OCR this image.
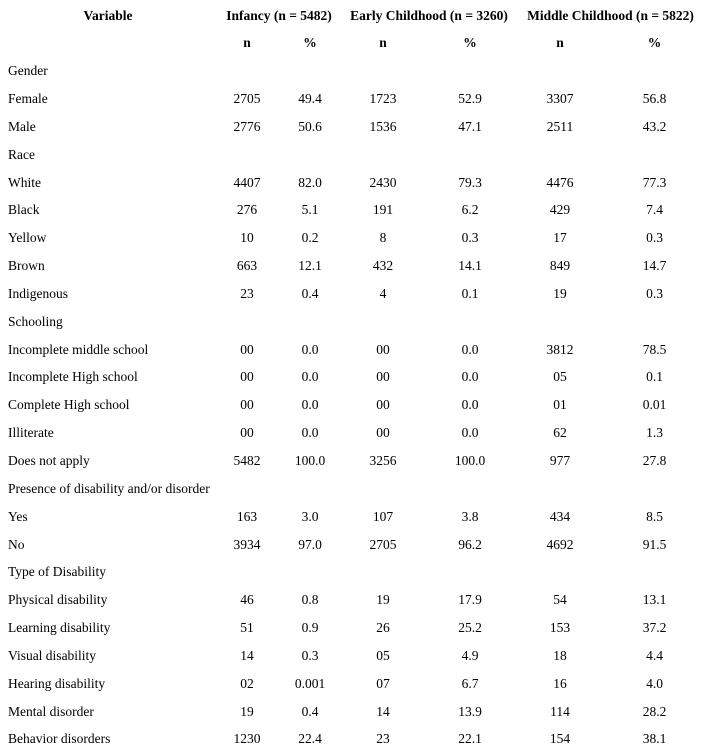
Variable	Infancy (n = 5482)		Early Childhood (n = 3260)		Middle Childhood (n = 5822)	
	n	%	n	%	n	%
Gender						
Female	2705	49.4	1723	52.9	3307	56.8
Male	2776	50.6	1536	47.1	2511	43.2
Race						
White	4407	82.0	2430	79.3	4476	77.3
Black	276	5.1	191	6.2	429	7.4
Yellow	10	0.2	8	0.3	17	0.3
Brown	663	12.1	432	14.1	849	14.7
Indigenous	23	0.4	4	0.1	19	0.3
Schooling						
Incomplete middle school	00	0.0	00	0.0	3812	78.5
Incomplete High school	00	0.0	00	0.0	05	0.1
Complete High school	00	0.0	00	0.0	01	0.01
Illiterate	00	0.0	00	0.0	62	1.3
Does not apply	5482	100.0	3256	100.0	977	27.8
Presence of disability and/or disorder						
Yes	163	3.0	107	3.8	434	8.5
No	3934	97.0	2705	96.2	4692	91.5
Type of Disability						
Physical disability	46	0.8	19	17.9	54	13.1
Learning disability	51	0.9	26	25.2	153	37.2
Visual disability	14	0.3	05	4.9	18	4.4
Hearing disability	02	0.001	07	6.7	16	4.0
Mental disorder	19	0.4	14	13.9	114	28.2
Behavior disorders	1230	22.4	23	22.1	154	38.1
